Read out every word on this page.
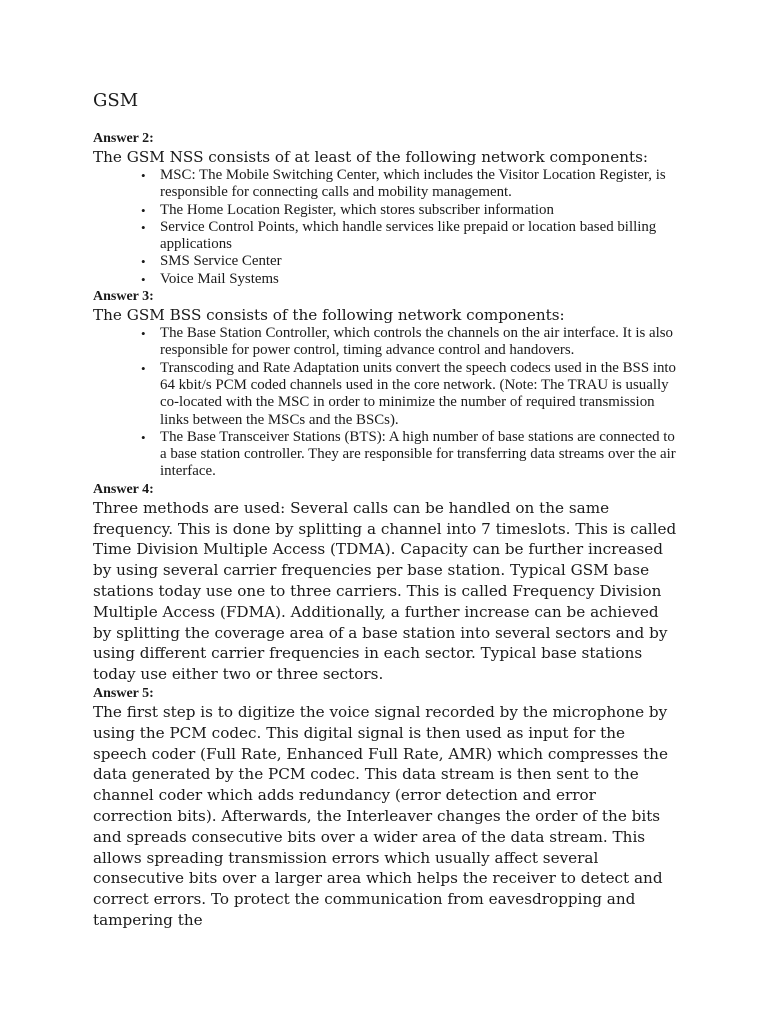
GSM

Answer 2:

The GSM NSS consists of at least of the following network components:

• MSC: The Mobile Switching Center, which includes the Visitor Location Register, is responsible for connecting calls and mobility management.
• The Home Location Register, which stores subscriber information
• Service Control Points, which handle services like prepaid or location based billing applications
• SMS Service Center
• Voice Mail Systems

Answer 3:

The GSM BSS consists of the following network components:

• The Base Station Controller, which controls the channels on the air interface. It is also responsible for power control, timing advance control and handovers.
• Transcoding and Rate Adaptation units convert the speech codecs used in the BSS into 64 kbit/s PCM coded channels used in the core network. (Note: The TRAU is usually co-located with the MSC in order to minimize the number of required transmission links between the MSCs and the BSCs).
• The Base Transceiver Stations (BTS): A high number of base stations are connected to a base station controller. They are responsible for transferring data streams over the air interface.

Answer 4:

Three methods are used: Several calls can be handled on the same frequency. This is done by splitting a channel into 7 timeslots. This is called Time Division Multiple Access (TDMA). Capacity can be further increased by using several carrier frequencies per base station. Typical GSM base stations today use one to three carriers. This is called Frequency Division Multiple Access (FDMA). Additionally, a further increase can be achieved by splitting the coverage area of a base station into several sectors and by using different carrier frequencies in each sector. Typical base stations today use either two or three sectors.

Answer 5:

The first step is to digitize the voice signal recorded by the microphone by using the PCM codec. This digital signal is then used as input for the speech coder (Full Rate, Enhanced Full Rate, AMR) which compresses the data generated by the PCM codec. This data stream is then sent to the channel coder which adds redundancy (error detection and error correction bits). Afterwards, the Interleaver changes the order of the bits and spreads consecutive bits over a wider area of the data stream. This allows spreading transmission errors which usually affect several consecutive bits over a larger area which helps the receiver to detect and correct errors. To protect the communication from eavesdropping and tampering the
